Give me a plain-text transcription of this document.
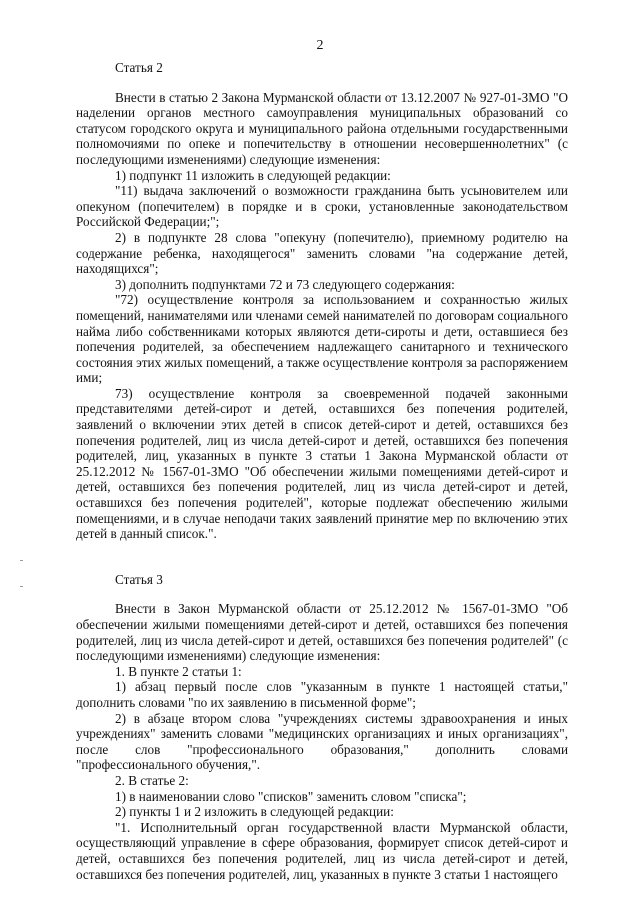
2

Статья 2

Внести в статью 2 Закона Мурманской области от 13.12.2007 № 927-01-ЗМО "О наделении органов местного самоуправления муниципальных образований со статусом городского округа и муниципального района отдельными государственными полномочиями по опеке и попечительству в отношении несовершеннолетних" (с последующими изменениями) следующие изменения:

1) подпункт 11 изложить в следующей редакции:

"11) выдача заключений о возможности гражданина быть усыновителем или опекуном (попечителем) в порядке и в сроки, установленные законодательством Российской Федерации;";

2) в подпункте 28 слова "опекуну (попечителю), приемному родителю на содержание ребенка, находящегося" заменить словами "на содержание детей, находящихся";

3) дополнить подпунктами 72 и 73 следующего содержания:

"72) осуществление контроля за использованием и сохранностью жилых помещений, нанимателями или членами семей нанимателей по договорам социального найма либо собственниками которых являются дети-сироты и дети, оставшиеся без попечения родителей, за обеспечением надлежащего санитарного и технического состояния этих жилых помещений, а также осуществление контроля за распоряжением ими;

73) осуществление контроля за своевременной подачей законными представителями детей-сирот и детей, оставшихся без попечения родителей, заявлений о включении этих детей в список детей-сирот и детей, оставшихся без попечения родителей, лиц из числа детей-сирот и детей, оставшихся без попечения родителей, лиц, указанных в пункте 3 статьи 1 Закона Мурманской области от 25.12.2012 № 1567-01-ЗМО "Об обеспечении жилыми помещениями детей-сирот и детей, оставшихся без попечения родителей, лиц из числа детей-сирот и детей, оставшихся без попечения родителей", которые подлежат обеспечению жилыми помещениями, и в случае неподачи таких заявлений принятие мер по включению этих детей в данный список.".

Статья 3

Внести в Закон Мурманской области от 25.12.2012 № 1567-01-ЗМО "Об обеспечении жилыми помещениями детей-сирот и детей, оставшихся без попечения родителей, лиц из числа детей-сирот и детей, оставшихся без попечения родителей" (с последующими изменениями) следующие изменения:

1. В пункте 2 статьи 1:

1) абзац первый после слов "указанным в пункте 1 настоящей статьи," дополнить словами "по их заявлению в письменной форме";

2) в абзаце втором слова "учреждениях системы здравоохранения и иных учреждениях" заменить словами "медицинских организациях и иных организациях", после слов "профессионального образования," дополнить словами "профессионального обучения,".

2. В статье 2:

1) в наименовании слово "списков" заменить словом "списка";

2) пункты 1 и 2 изложить в следующей редакции:

"1. Исполнительный орган государственной власти Мурманской области, осуществляющий управление в сфере образования, формирует список детей-сирот и детей, оставшихся без попечения родителей, лиц из числа детей-сирот и детей, оставшихся без попечения родителей, лиц, указанных в пункте 3 статьи 1 настоящего
